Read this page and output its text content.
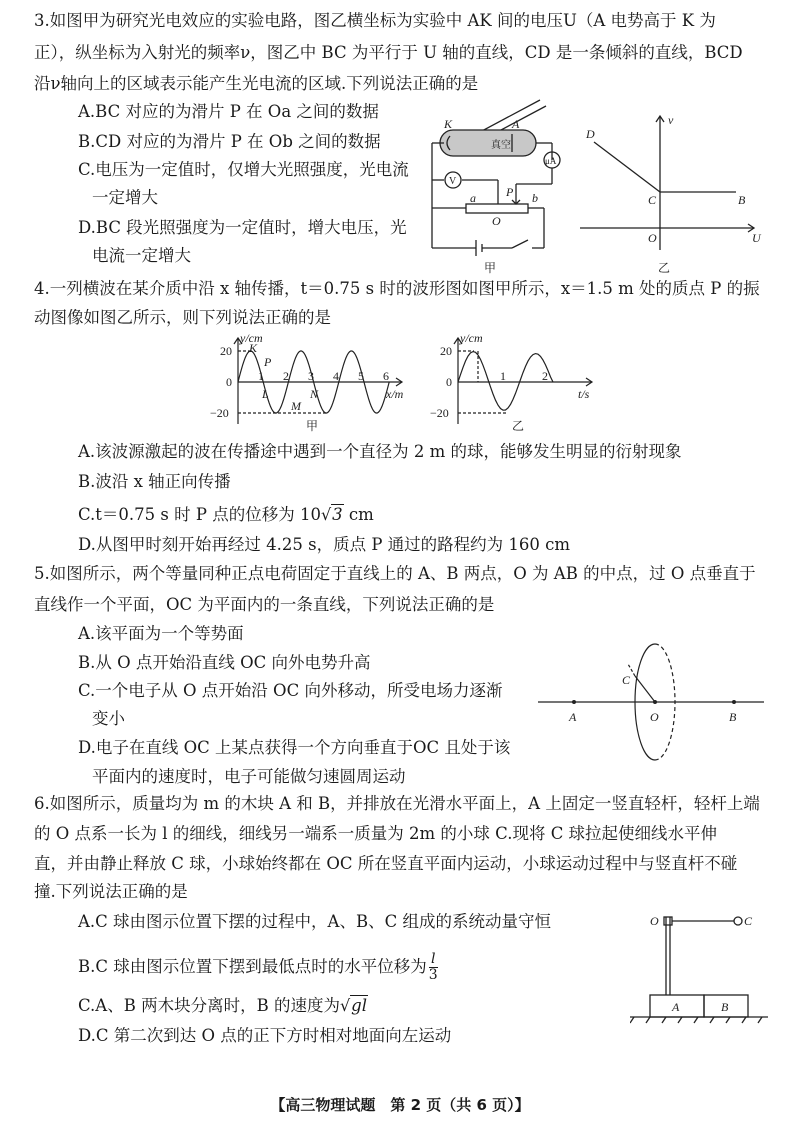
3.如图甲为研究光电效应的实验电路，图乙横坐标为实验中 AK 间的电压U（A 电势高于 K 为
正），纵坐标为入射光的频率ν，图乙中 BC 为平行于 U 轴的直线，CD 是一条倾斜的直线，BCD
沿ν轴向上的区域表示能产生光电流的区域.下列说法正确的是
A.BC 对应的为滑片 P 在 Oa 之间的数据
B.CD 对应的为滑片 P 在 Ob 之间的数据
C.电压为一定值时，仅增大光照强度，光电流
一定增大
D.BC 段光照强度为一定值时，增大电压，光
电流一定增大
K	A
真空
μA
V
P
a	b
O
甲
D
C	B
O
ν
U
乙
4.一列横波在某介质中沿 x 轴传播，t＝0.75 s 时的波形图如图甲所示，x＝1.5 m 处的质点 P 的振
动图像如图乙所示，则下列说法正确的是
y/cm
x/m
20
0
−20
K
P
L
M
N
1 2 3 4 5 6
甲
y/cm
t/s
20
0
−20
1	2
乙
A.该波源激起的波在传播途中遇到一个直径为 2 m 的球，能够发生明显的衍射现象
B.波沿 x 轴正向传播
C.t＝0.75 s 时 P 点的位移为 10√3 cm
D.从图甲时刻开始再经过 4.25 s，质点 P 通过的路程约为 160 cm
5.如图所示，两个等量同种正点电荷固定于直线上的 A、B 两点，O 为 AB 的中点，过 O 点垂直于
直线作一个平面，OC 为平面内的一条直线，下列说法正确的是
A.该平面为一个等势面
B.从 O 点开始沿直线 OC 向外电势升高
C.一个电子从 O 点开始沿 OC 向外移动，所受电场力逐渐
变小
D.电子在直线 OC 上某点获得一个方向垂直于OC 且处于该
平面内的速度时，电子可能做匀速圆周运动
A	O	B
C
6.如图所示，质量均为 m 的木块 A 和 B，并排放在光滑水平面上，A 上固定一竖直轻杆，轻杆上端
的 O 点系一长为 l 的细线，细线另一端系一质量为 2m 的小球 C.现将 C 球拉起使细线水平伸
直，并由静止释放 C 球，小球始终都在 OC 所在竖直平面内运动，小球运动过程中与竖直杆不碰
撞.下列说法正确的是
A.C 球由图示位置下摆的过程中，A、B、C 组成的系统动量守恒
B.C 球由图示位置下摆到最低点时的水平位移为 $\frac{l}{3}$
C.A、B 两木块分离时，B 的速度为√gl
D.C 第二次到达 O 点的正下方时相对地面向左运动
O	C
A	B
【高三物理试题　第 2 页（共 6 页）】
